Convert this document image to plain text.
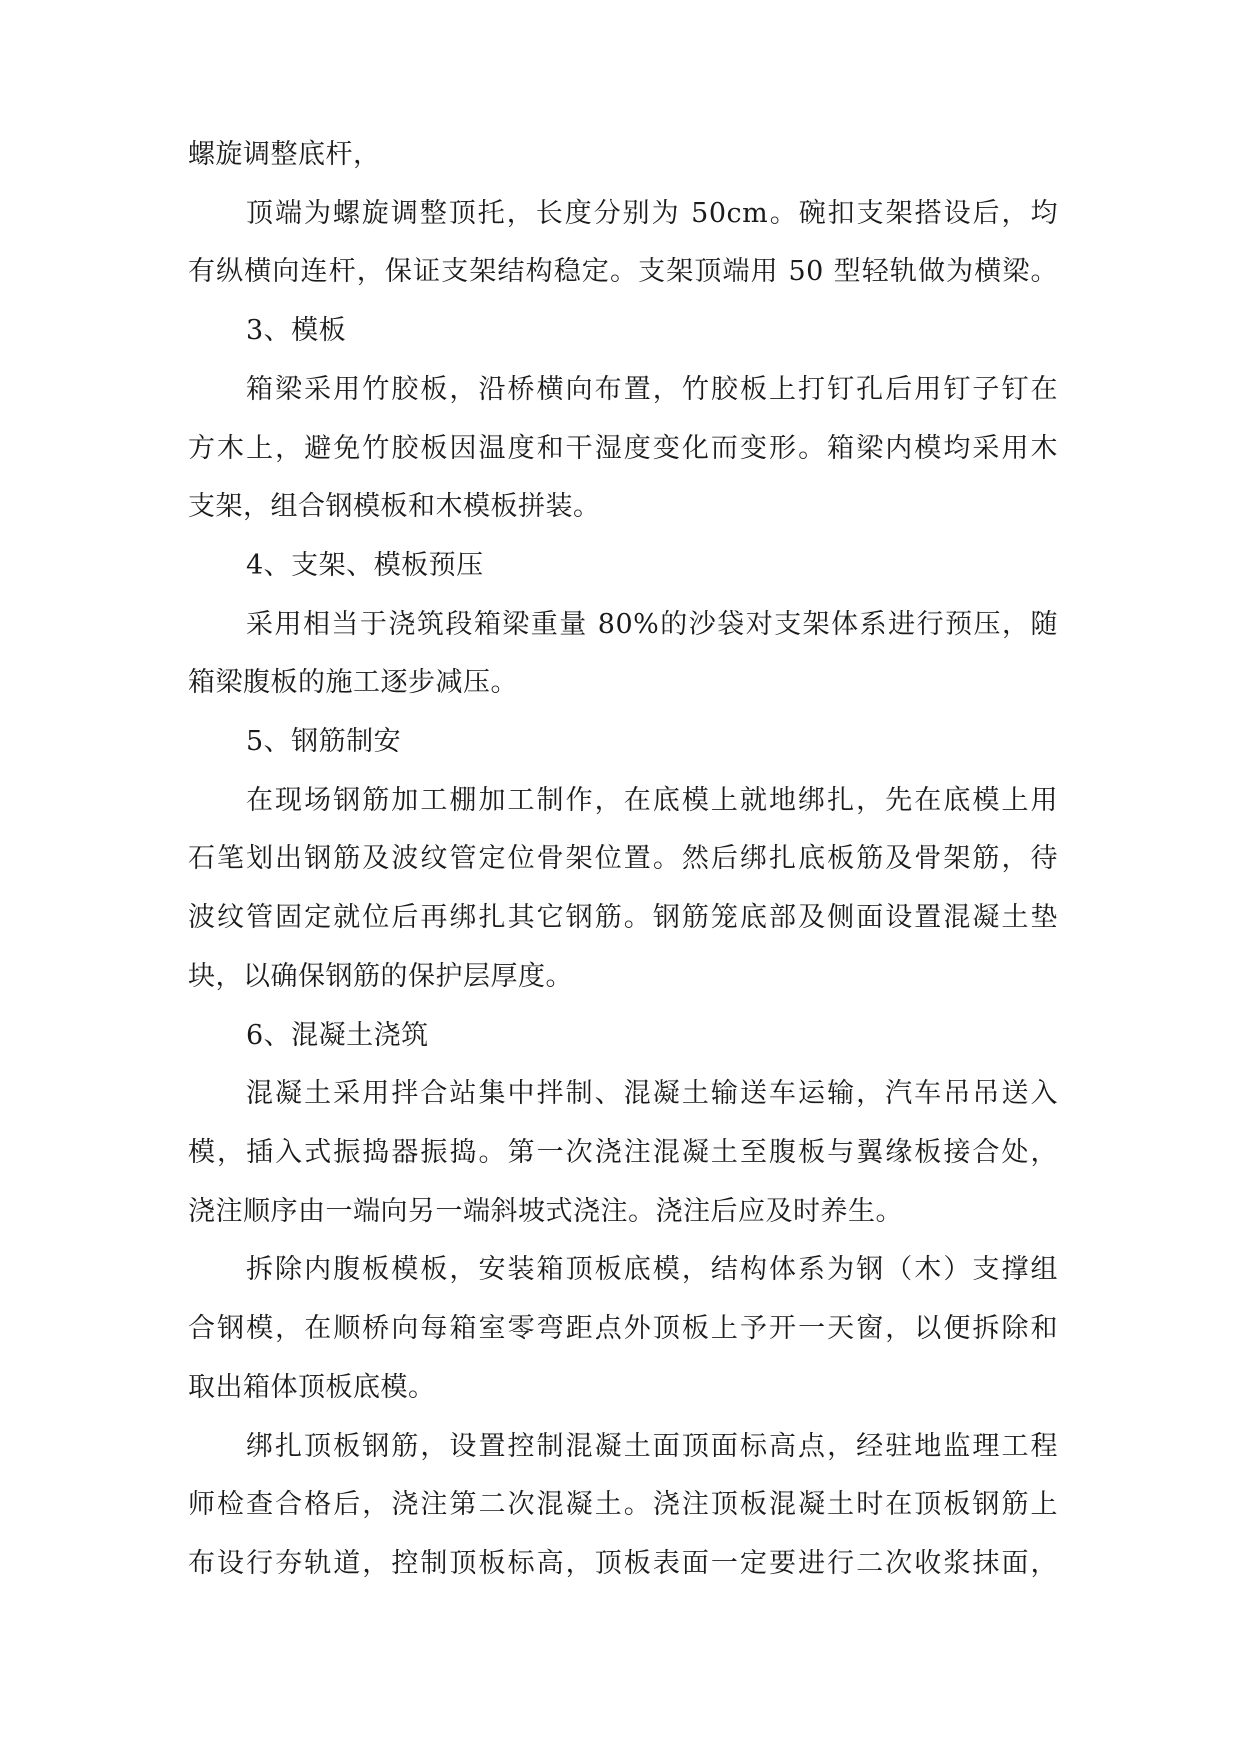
螺旋调整底杆，
顶端为螺旋调整顶托，长度分别为 50cm。碗扣支架搭设后，均
有纵横向连杆，保证支架结构稳定。支架顶端用 50 型轻轨做为横梁。
3、模板
箱梁采用竹胶板，沿桥横向布置，竹胶板上打钉孔后用钉子钉在
方木上，避免竹胶板因温度和干湿度变化而变形。箱梁内模均采用木
支架，组合钢模板和木模板拼装。
4、支架、模板预压
采用相当于浇筑段箱梁重量 80%的沙袋对支架体系进行预压，随
箱梁腹板的施工逐步减压。
5、钢筋制安
在现场钢筋加工棚加工制作，在底模上就地绑扎，先在底模上用
石笔划出钢筋及波纹管定位骨架位置。然后绑扎底板筋及骨架筋，待
波纹管固定就位后再绑扎其它钢筋。钢筋笼底部及侧面设置混凝土垫
块，以确保钢筋的保护层厚度。
6、混凝土浇筑
混凝土采用拌合站集中拌制、混凝土输送车运输，汽车吊吊送入
模，插入式振捣器振捣。第一次浇注混凝土至腹板与翼缘板接合处，
浇注顺序由一端向另一端斜坡式浇注。浇注后应及时养生。
拆除内腹板模板，安装箱顶板底模，结构体系为钢（木）支撑组
合钢模，在顺桥向每箱室零弯距点外顶板上予开一天窗，以便拆除和
取出箱体顶板底模。
绑扎顶板钢筋，设置控制混凝土面顶面标高点，经驻地监理工程
师检查合格后，浇注第二次混凝土。浇注顶板混凝土时在顶板钢筋上
布设行夯轨道，控制顶板标高，顶板表面一定要进行二次收浆抹面，
